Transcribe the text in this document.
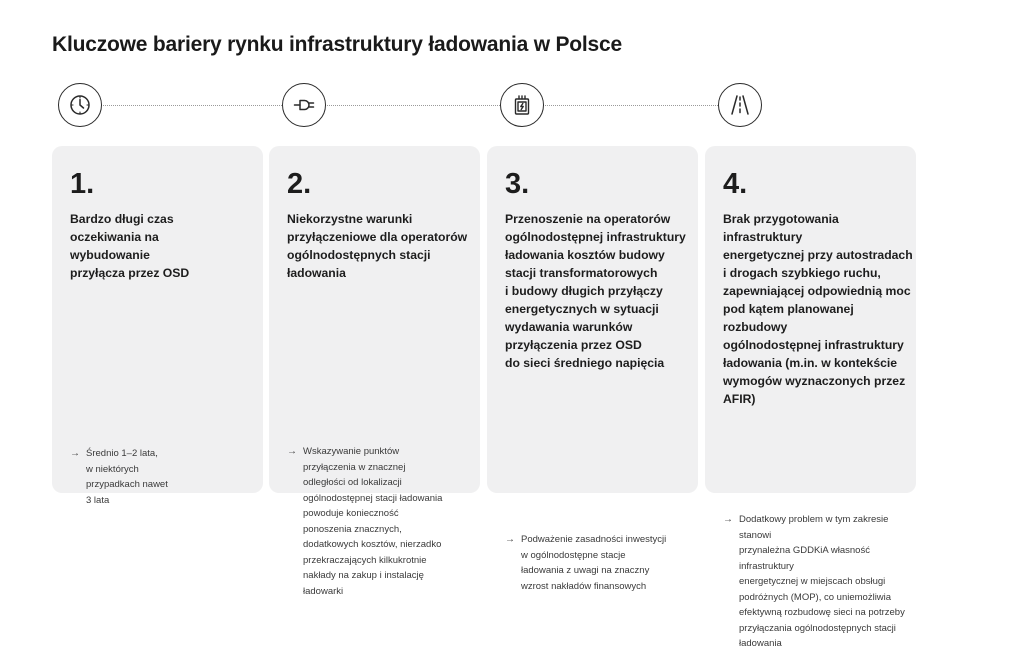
Kluczowe bariery rynku infrastruktury ładowania w Polsce
1.
Bardzo długi czas
oczekiwania na
wybudowanie
przyłącza przez OSD
→ Średnio 1–2 lata,
w niektórych
przypadkach nawet
3 lata
2.
Niekorzystne warunki
przyłączeniowe dla operatorów
ogólnodostępnych stacji
ładowania
→ Wskazywanie punktów
przyłączenia w znacznej
odległości od lokalizacji
ogólnodostępnej stacji ładowania
powoduje konieczność
ponoszenia znacznych,
dodatkowych kosztów, nierzadko
przekraczających kilkukrotnie
nakłady na zakup i instalację
ładowarki
3.
Przenoszenie na operatorów
ogólnodostępnej infrastruktury
ładowania kosztów budowy
stacji transformatorowych
i budowy długich przyłączy
energetycznych w sytuacji
wydawania warunków
przyłączenia przez OSD
do sieci średniego napięcia
→ Podważenie zasadności inwestycji
w ogólnodostępne stacje
ładowania z uwagi na znaczny
wzrost nakładów finansowych
4.
Brak przygotowania infrastruktury
energetycznej przy autostradach
i drogach szybkiego ruchu,
zapewniającej odpowiednią moc
pod kątem planowanej rozbudowy
ogólnodostępnej infrastruktury
ładowania (m.in. w kontekście
wymogów wyznaczonych przez AFIR)
→ Dodatkowy problem w tym zakresie stanowi
przynależna GDDKiA własność infrastruktury
energetycznej w miejscach obsługi
podróżnych (MOP), co uniemożliwia
efektywną rozbudowę sieci na potrzeby
przyłączania ogólnodostępnych stacji
ładowania
